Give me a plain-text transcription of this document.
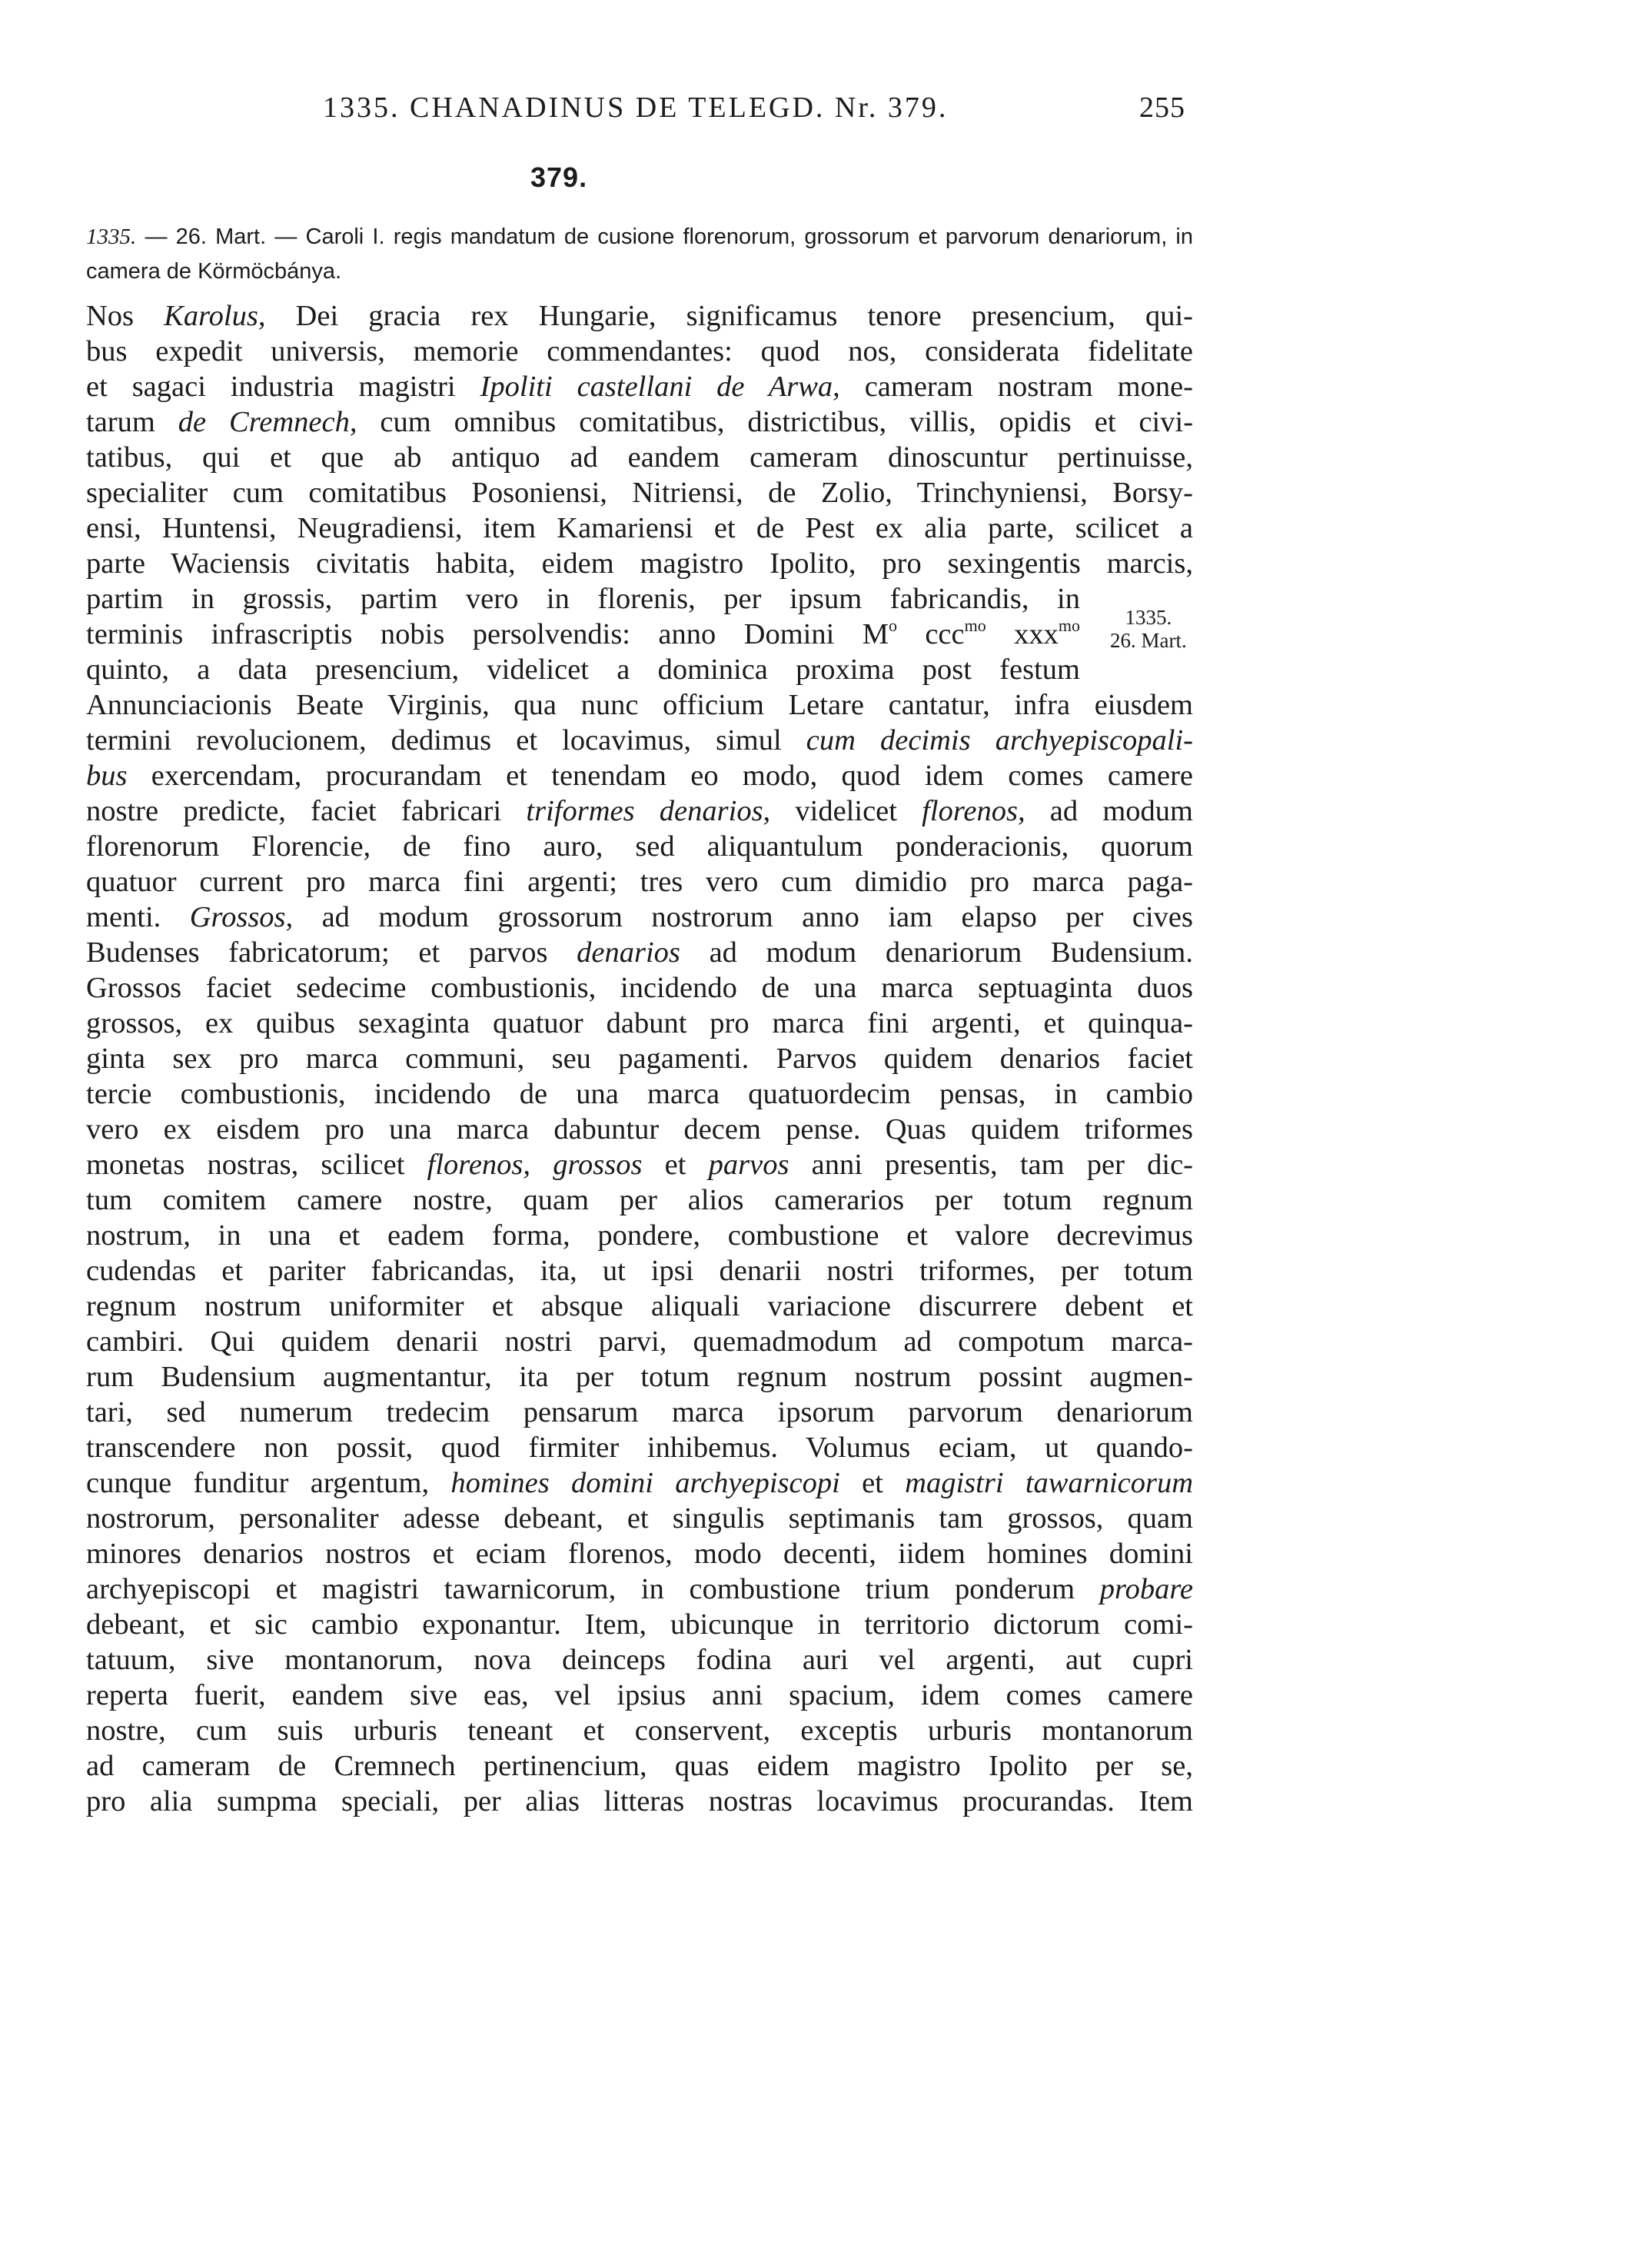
1335. CHANADINUS DE TELEGD. Nr. 379.	255
379.
1335. — 26. Mart. — Caroli I. regis mandatum de cusione florenorum, grossorum et parvorum denariorum, in camera de Körmöcbánya.
1335.
26. Mart.
Nos Karolus, Dei gracia rex Hungarie, significamus tenore presencium, qui-
bus expedit universis, memorie commendantes: quod nos, considerata fidelitate
et sagaci industria magistri Ipoliti castellani de Arwa, cameram nostram mone-
tarum de Cremnech, cum omnibus comitatibus, districtibus, villis, opidis et civi-
tatibus, qui et que ab antiquo ad eandem cameram dinoscuntur pertinuisse,
specialiter cum comitatibus Posoniensi, Nitriensi, de Zolio, Trinchyniensi, Borsy-
ensi, Huntensi, Neugradiensi, item Kamariensi et de Pest ex alia parte, scilicet a
parte Waciensis civitatis habita, eidem magistro Ipolito, pro sexingentis marcis,
partim in grossis, partim vero in florenis, per ipsum fabricandis, in
terminis infrascriptis nobis persolvendis: anno Domini $M^o$ ccc$^{mo}$ xxx$^{mo}$
quinto, a data presencium, videlicet a dominica proxima post festum
Annunciacionis Beate Virginis, qua nunc officium Letare cantatur, infra eiusdem
termini revolucionem, dedimus et locavimus, simul cum decimis archyepiscopali-
bus exercendam, procurandam et tenendam eo modo, quod idem comes camere
nostre predicte, faciet fabricari triformes denarios, videlicet florenos, ad modum
florenorum Florencie, de fino auro, sed aliquantulum ponderacionis, quorum
quatuor current pro marca fini argenti; tres vero cum dimidio pro marca paga-
menti. Grossos, ad modum grossorum nostrorum anno iam elapso per cives
Budenses fabricatorum; et parvos denarios ad modum denariorum Budensium.
Grossos faciet sedecime combustionis, incidendo de una marca septuaginta duos
grossos, ex quibus sexaginta quatuor dabunt pro marca fini argenti, et quinqua-
ginta sex pro marca communi, seu pagamenti. Parvos quidem denarios faciet
tercie combustionis, incidendo de una marca quatuordecim pensas, in cambio
vero ex eisdem pro una marca dabuntur decem pense. Quas quidem triformes
monetas nostras, scilicet florenos, grossos et parvos anni presentis, tam per dic-
tum comitem camere nostre, quam per alios camerarios per totum regnum
nostrum, in una et eadem forma, pondere, combustione et valore decrevimus
cudendas et pariter fabricandas, ita, ut ipsi denarii nostri triformes, per totum
regnum nostrum uniformiter et absque aliquali variacione discurrere debent et
cambiri. Qui quidem denarii nostri parvi, quemadmodum ad compotum marca-
rum Budensium augmentantur, ita per totum regnum nostrum possint augmen-
tari, sed numerum tredecim pensarum marca ipsorum parvorum denariorum
transcendere non possit, quod firmiter inhibemus. Volumus eciam, ut quando-
cunque funditur argentum, homines domini archyepiscopi et magistri tawarnicorum
nostrorum, personaliter adesse debeant, et singulis septimanis tam grossos, quam
minores denarios nostros et eciam florenos, modo decenti, iidem homines domini
archyepiscopi et magistri tawarnicorum, in combustione trium ponderum probare
debeant, et sic cambio exponantur. Item, ubicunque in territorio dictorum comi-
tatuum, sive montanorum, nova deinceps fodina auri vel argenti, aut cupri
reperta fuerit, eandem sive eas, vel ipsius anni spacium, idem comes camere
nostre, cum suis urburis teneant et conservent, exceptis urburis montanorum
ad cameram de Cremnech pertinencium, quas eidem magistro Ipolito per se,
pro alia sumpma speciali, per alias litteras nostras locavimus procurandas. Item
